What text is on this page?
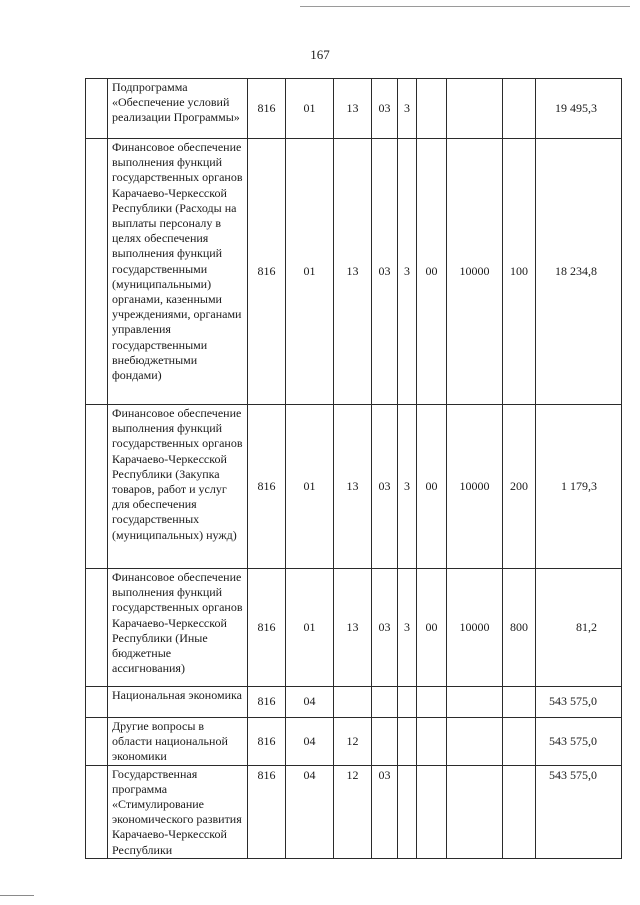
167
	Подпрограмма «Обеспечение условий реализации Программы»	816	01	13	03	3				19 495,3
	Финансовое обеспечение выполнения функций государственных органов Карачаево-Черкесской Республики (Расходы на выплаты персоналу в целях обеспечения выполнения функций государственными (муниципальными) органами, казенными учреждениями, органами управления государственными внебюджетными фондами)	816	01	13	03	3	00	10000	100	18 234,8
	Финансовое обеспечение выполнения функций государственных органов Карачаево-Черкесской Республики (Закупка товаров, работ и услуг для обеспечения государственных (муниципальных) нужд)	816	01	13	03	3	00	10000	200	1 179,3
	Финансовое обеспечение выполнения функций государственных органов Карачаево-Черкесской Республики (Иные бюджетные ассигнования)	816	01	13	03	3	00	10000	800	81,2
	Национальная экономика	816	04							543 575,0
	Другие вопросы в области национальной экономики	816	04	12						543 575,0
	Государственная программа «Стимулирование экономического развития Карачаево-Черкесской Республики	816	04	12	03					543 575,0
